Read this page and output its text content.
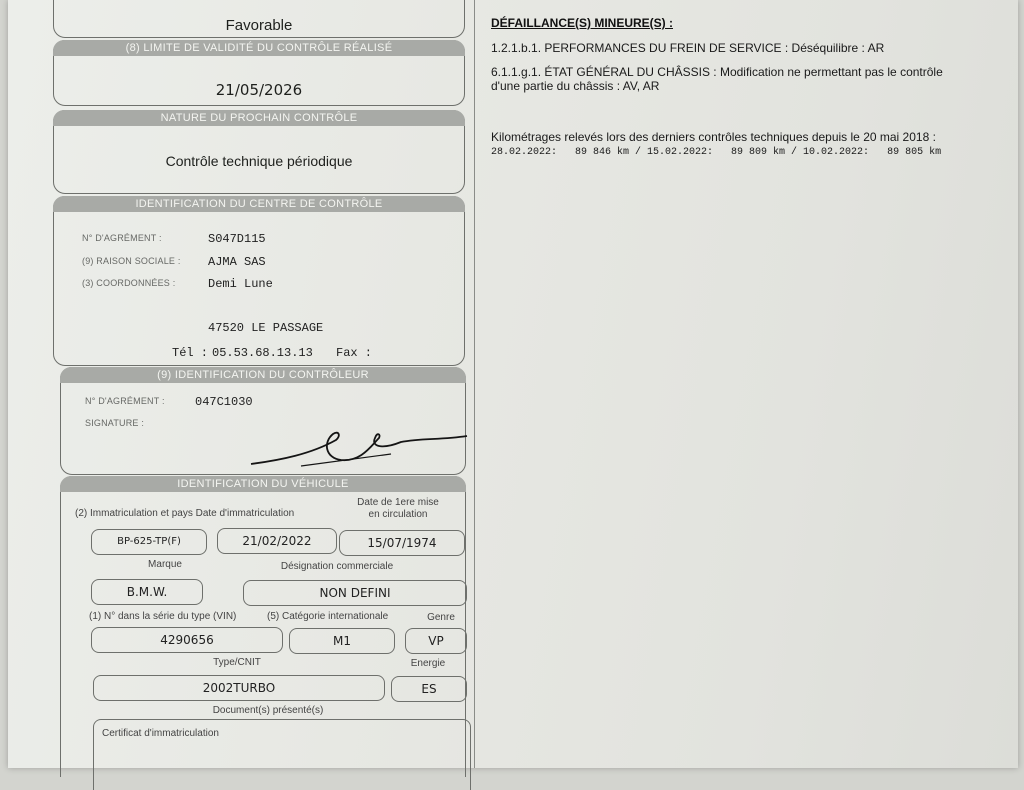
Favorable
(8) LIMITE DE VALIDITÉ DU CONTRÔLE RÉALISÉ
21/05/2026
NATURE DU PROCHAIN CONTRÔLE
Contrôle technique périodique
IDENTIFICATION DU CENTRE DE CONTRÔLE
N° D'AGRÉMENT :	S047D115
(9) RAISON SOCIALE : AJMA SAS
(3) COORDONNÉES :	Demi Lune
47520 LE PASSAGE
Tél : 05.53.68.13.13 Fax :
(9) IDENTIFICATION DU CONTRÔLEUR
N° D'AGRÉMENT :	047C1030
SIGNATURE :
IDENTIFICATION DU VÉHICULE
(2) Immatriculation et pays Date d'immatriculation
Date de 1ere mise
en circulation
BP-625-TP(F)	21/02/2022	15/07/1974
Marque	Désignation commerciale
B.M.W.	NON DEFINI
(1) N° dans la série du type (VIN)	(5) Catégorie internationale	Genre
4290656	M1	VP
Type/CNIT	Energie
2002TURBO	ES
Document(s) présenté(s)
Certificat d'immatriculation
DÉFAILLANCE(S) MINEURE(S) :
1.2.1.b.1. PERFORMANCES DU FREIN DE SERVICE : Déséquilibre : AR
6.1.1.g.1. ÉTAT GÉNÉRAL DU CHÂSSIS : Modification ne permettant pas le contrôle
d'une partie du châssis : AV, AR
Kilométrages relevés lors des derniers contrôles techniques depuis le 20 mai 2018 :
28.02.2022:   89 846 km / 15.02.2022:   89 809 km / 10.02.2022:   89 805 km
